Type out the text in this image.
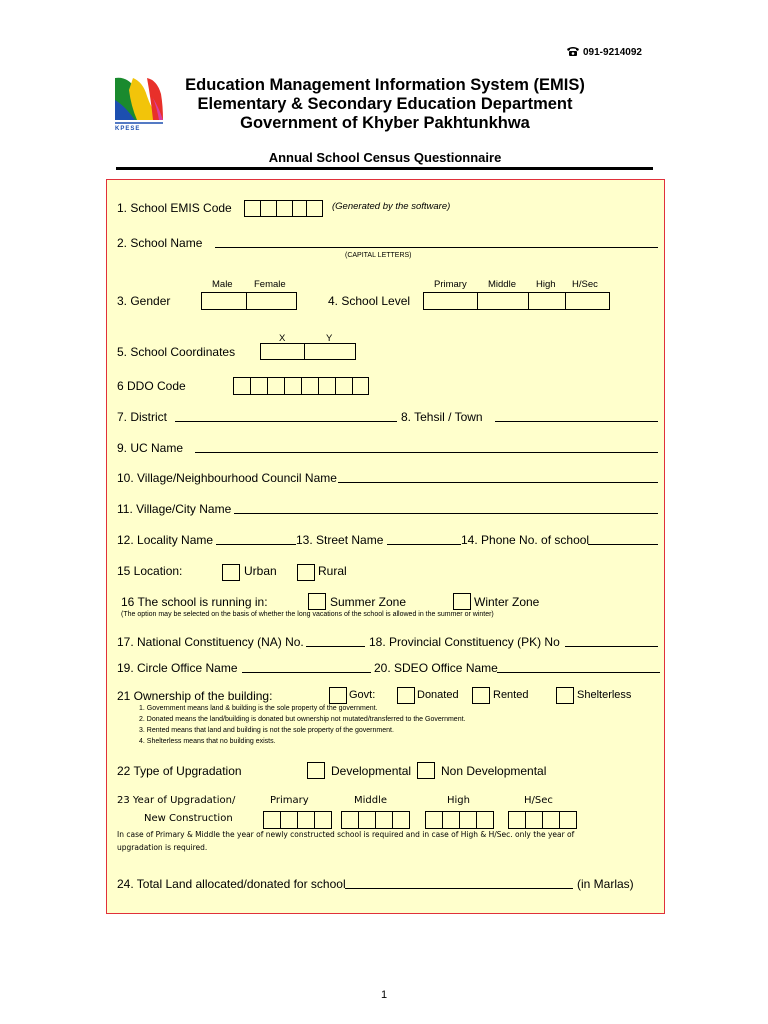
091-9214092
KPESE
Education Management Information System (EMIS)
Elementary & Secondary Education Department
Government of Khyber Pakhtunkhwa
Annual School Census Questionnaire
1. School EMIS Code	(Generated by the software)
2. School Name
(CAPITAL LETTERS)
Male Female
3. Gender	4. School Level
Primary Middle High H/Sec
X	Y
5. School Coordinates
6 DDO Code
7. District	8. Tehsil / Town
9. UC Name
10. Village/Neighbourhood Council Name
11. Village/City Name
12. Locality Name	13. Street Name	14. Phone No. of school
15 Location:	Urban	Rural
16 The school is running in:	Summer Zone	Winter Zone
(The option may be selected on the basis of whether the long vacations of the school is allowed in the summer or winter)
17. National Constituency (NA) No.	18. Provincial Constituency (PK) No
19. Circle Office Name	20. SDEO Office Name
21 Ownership of the building:	Govt:	Donated	Rented	Shelterless
1. Government means land & building is the sole property of the government.
2. Donated means the land/building is donated but ownership not mutated/transferred to the Government.
3. Rented means that land and building is not the sole property of the government.
4. Shelterless means that no building exists.
22 Type of Upgradation	Developmental Non Developmental
23 Year of Upgradation/
New Construction
Primary	Middle	High	H/Sec
In case of Primary & Middle the year of newly constructed school is required and in case of High & H/Sec. only the year of
upgradation is required.
24. Total Land allocated/donated for school	(in Marlas)
1
